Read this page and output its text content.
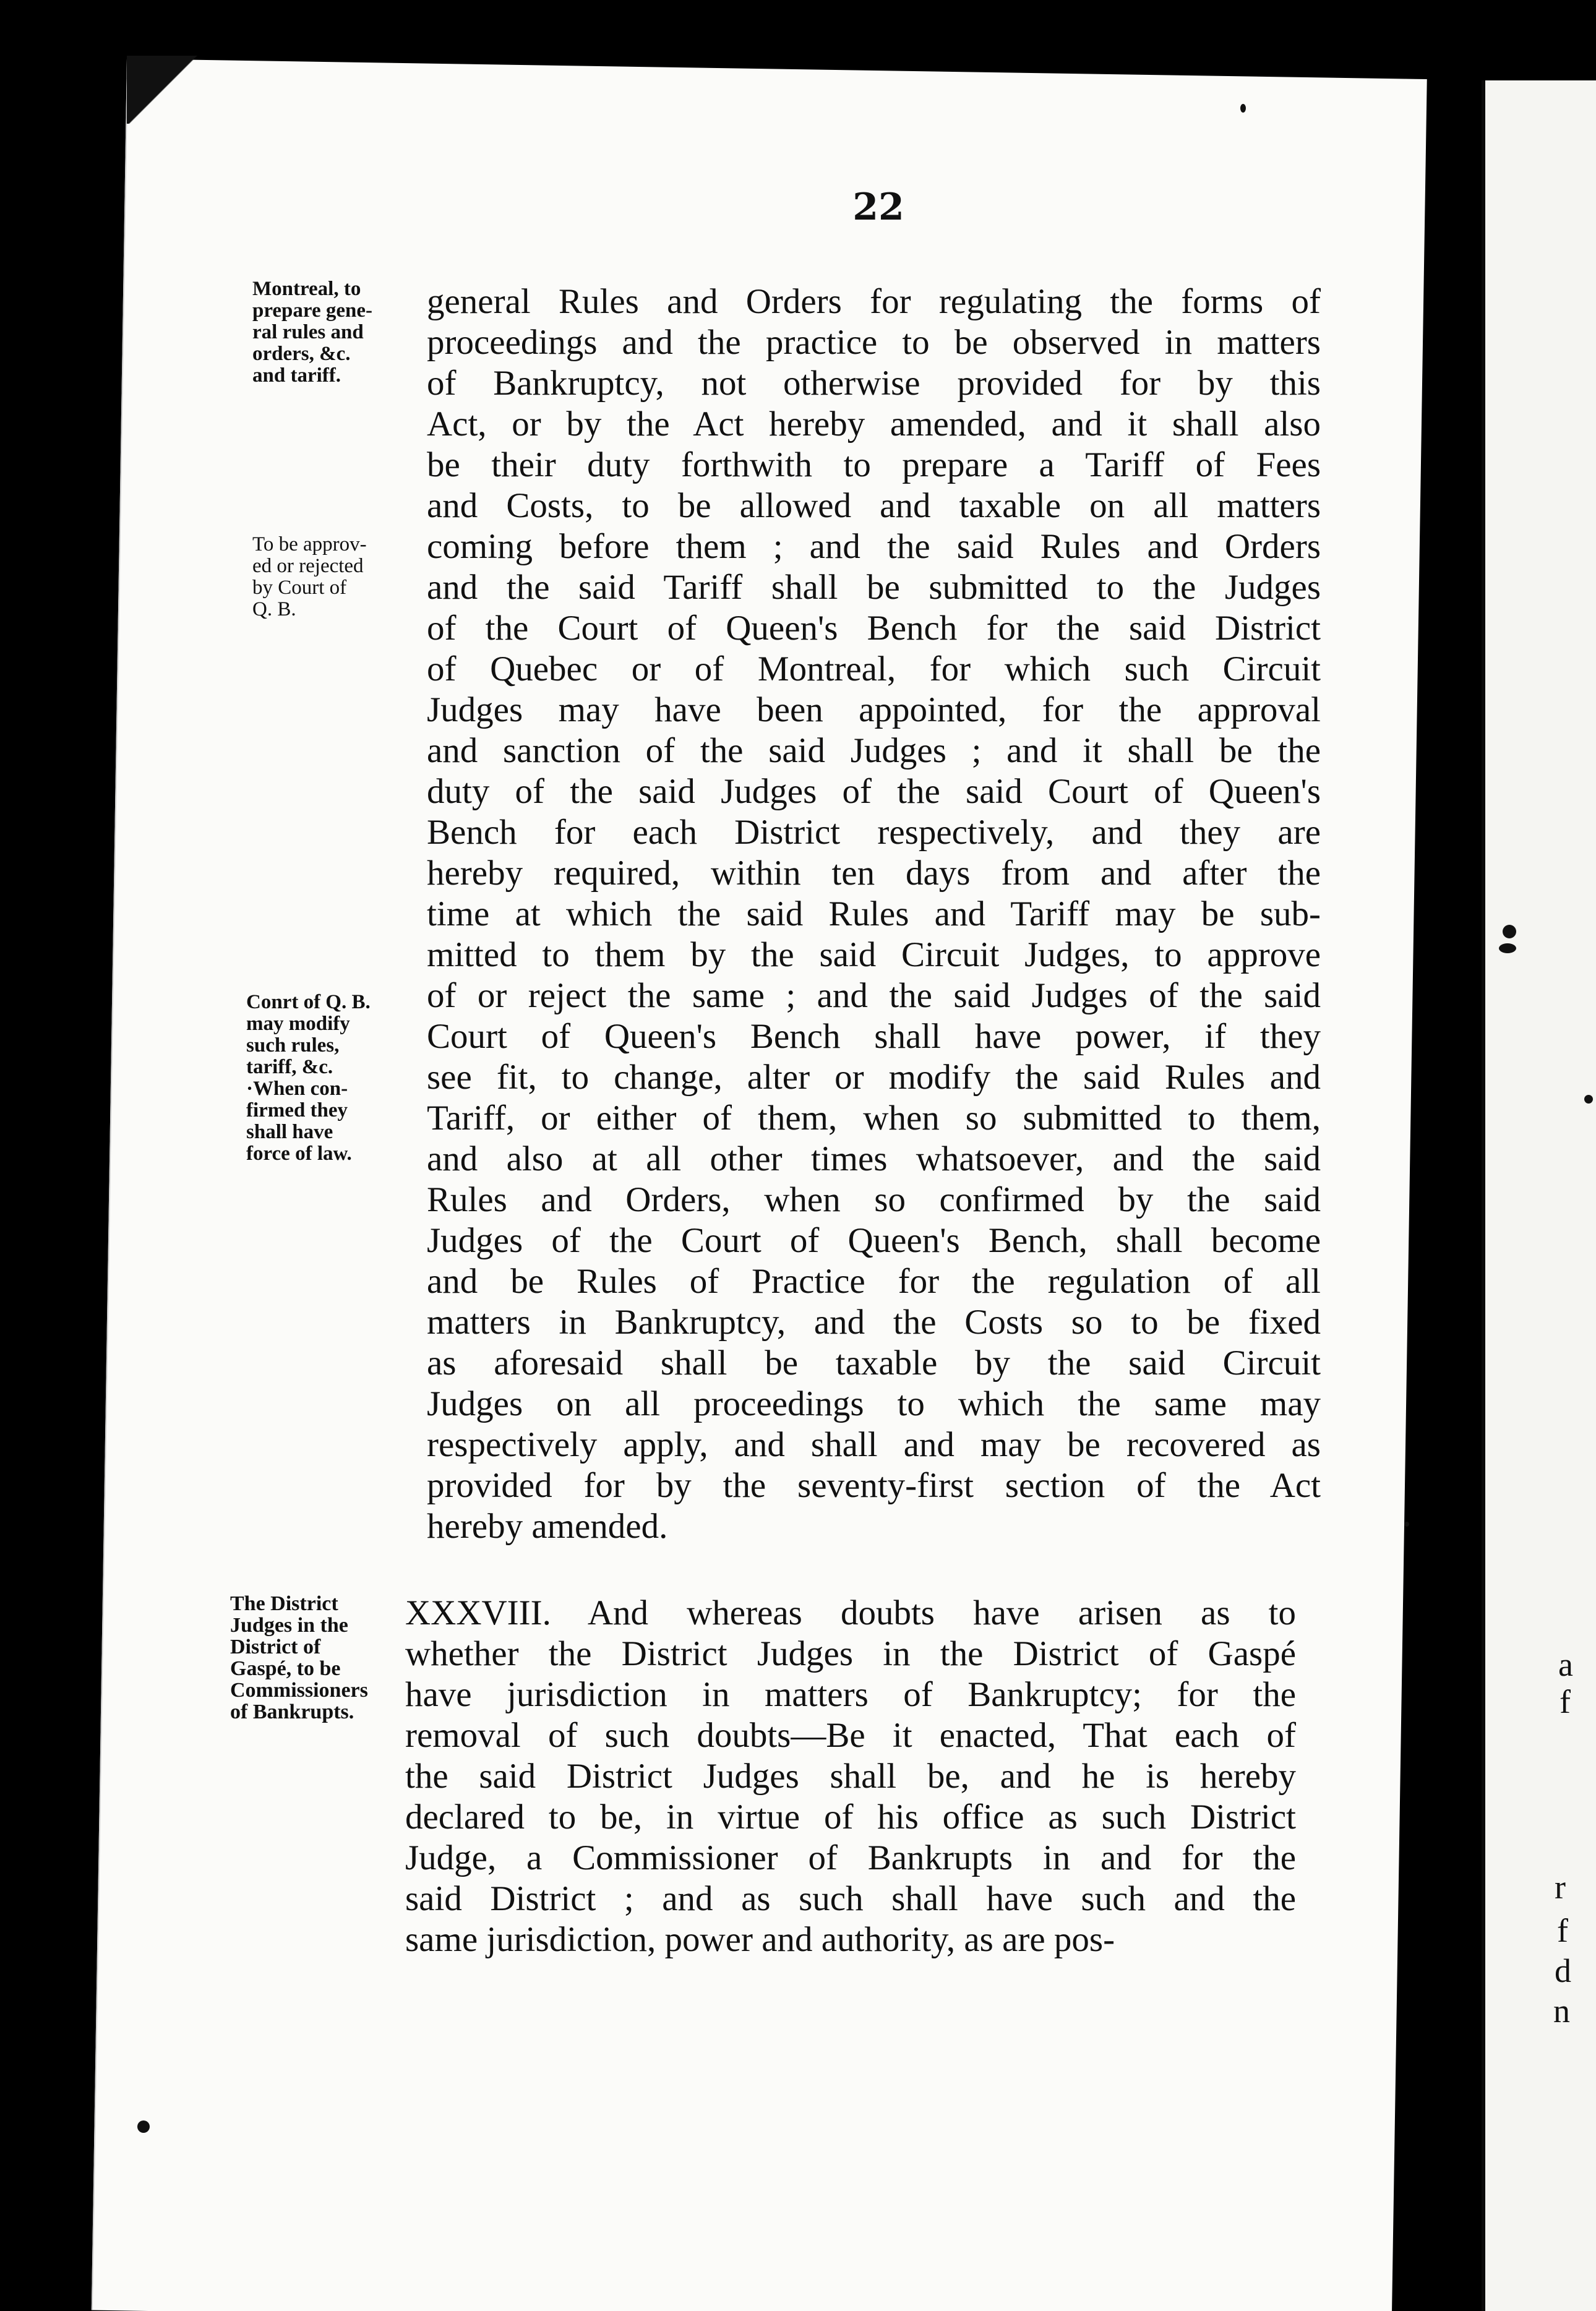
a
f
r
f
d
n
22
Montreal, to
prepare gene-
ral rules and
orders, &c.
and tariff.
To be approv-
ed or rejected
by Court of
Q. B.
Conrt of Q. B.
may modify
such rules,
tariff, &c.
·When con-
firmed they
shall have
force of law.
The District
Judges in the
District of
Gaspé, to be
Commissioners
of Bankrupts.
general Rules and Orders for regulating the forms of
proceedings and the practice to be observed in matters
of Bankruptcy, not otherwise provided for by this
Act, or by the Act hereby amended, and it shall also
be their duty forthwith to prepare a Tariff of Fees
and Costs, to be allowed and taxable on all matters
coming before them ; and the said Rules and Orders
and the said Tariff shall be submitted to the Judges
of the Court of Queen's Bench for the said District
of Quebec or of Montreal, for which such Circuit
Judges may have been appointed, for the approval
and sanction of the said Judges ; and it shall be the
duty of the said Judges of the said Court of Queen's
Bench for each District respectively, and they are
hereby required, within ten days from and after the
time at which the said Rules and Tariff may be sub-
mitted to them by the said Circuit Judges, to approve
of or reject the same ; and the said Judges of the said
Court of Queen's Bench shall have power, if they
see fit, to change, alter or modify the said Rules and
Tariff, or either of them, when so submitted to them,
and also at all other times whatsoever, and the said
Rules and Orders, when so confirmed by the said
Judges of the Court of Queen's Bench, shall become
and be Rules of Practice for the regulation of all
matters in Bankruptcy, and the Costs so to be fixed
as aforesaid shall be taxable by the said Circuit
Judges on all proceedings to which the same may
respectively apply, and shall and may be recovered as
provided for by the seventy-first section of the Act
hereby amended.
XXXVIII. And whereas doubts have arisen as to
whether the District Judges in the District of Gaspé
have jurisdiction in matters of Bankruptcy; for the
removal of such doubts—Be it enacted, That each of
the said District Judges shall be, and he is hereby
declared to be, in virtue of his office as such District
Judge, a Commissioner of Bankrupts in and for the
said District ; and as such shall have such and the
same jurisdiction, power and authority, as are pos-
